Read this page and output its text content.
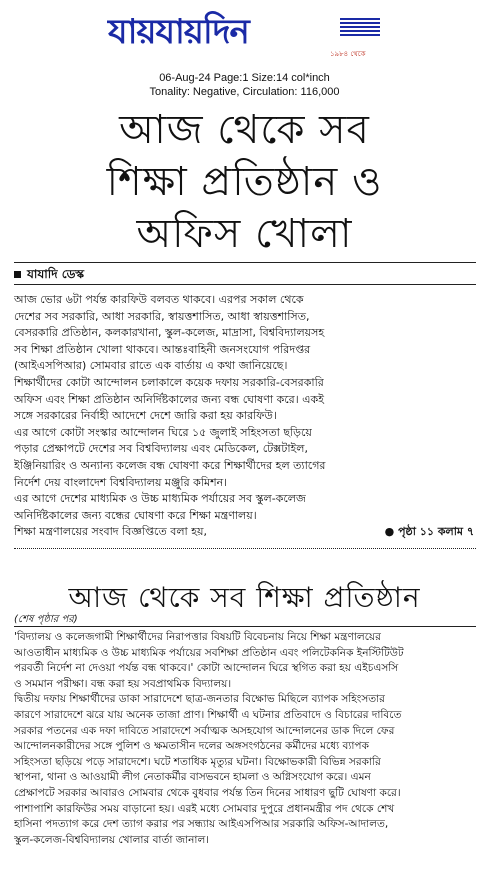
যায়যায়দিন
১৯৮৪ থেকে
06-Aug-24 Page:1 Size:14 col*inch
Tonality: Negative, Circulation: 116,000
আজ থেকে সব
শিক্ষা প্রতিষ্ঠান ও
অফিস খোলা
যাযাদি ডেস্ক
আজ ভোর ৬টা পর্যন্ত কারফিউ বলবত থাকবে। এরপর সকাল থেকে
দেশের সব সরকারি, আধা সরকারি, স্বায়ত্তশাসিত, আধা স্বায়ত্তশাসিত,
বেসরকারি প্রতিষ্ঠান, কলকারখানা, স্কুল-কলেজ, মাদ্রাসা, বিশ্ববিদ্যালয়সহ
সব শিক্ষা প্রতিষ্ঠান খোলা থাকবে। আন্তঃবাহিনী জনসংযোগ পরিদপ্তর
(আইএসপিআর) সোমবার রাতে এক বার্তায় এ কথা জানিয়েছে।
শিক্ষার্থীদের কোটা আন্দোলন চলাকালে কয়েক দফায় সরকারি-বেসরকারি
অফিস এবং শিক্ষা প্রতিষ্ঠান অনির্দিষ্টকালের জন্য বন্ধ ঘোষণা করে। একই
সঙ্গে সরকারের নির্বাহী আদেশে দেশে জারি করা হয় কারফিউ।
এর আগে কোটা সংস্কার আন্দোলন ঘিরে ১৫ জুলাই সহিংসতা ছড়িয়ে
পড়ার প্রেক্ষাপটে দেশের সব বিশ্ববিদ্যালয় এবং মেডিকেল, টেক্সটাইল,
ইঞ্জিনিয়ারিং ও অন্যান্য কলেজ বন্ধ ঘোষণা করে শিক্ষার্থীদের হল ত্যাগের
নির্দেশ দেয় বাংলাদেশ বিশ্ববিদ্যালয় মঞ্জুরি কমিশন।
এর আগে দেশের মাধ্যমিক ও উচ্চ মাধ্যমিক পর্যায়ের সব স্কুল-কলেজ
অনির্দিষ্টকালের জন্য বন্ধের ঘোষণা করে শিক্ষা মন্ত্রণালয়।
শিক্ষা মন্ত্রণালয়ের সংবাদ বিজ্ঞপ্তিতে বলা হয়,	● পৃষ্ঠা ১১ কলাম ৭
আজ থেকে সব শিক্ষা প্রতিষ্ঠান
(শেষ পৃষ্ঠার পর)
'বিদ্যালয় ও কলেজগামী শিক্ষার্থীদের নিরাপত্তার বিষয়টি বিবেচনায় নিয়ে শিক্ষা মন্ত্রণালয়ের
আওতাধীন মাধ্যমিক ও উচ্চ মাধ্যমিক পর্যায়ের সবশিক্ষা প্রতিষ্ঠান এবং পলিটেকনিক ইনস্টিটিউট
পরবর্তী নির্দেশ না দেওয়া পর্যন্ত বন্ধ থাকবে।' কোটা আন্দোলন ঘিরে স্থগিত করা হয় এইচএসসি
ও সমমান পরীক্ষা। বন্ধ করা হয় সবপ্রাথমিক বিদ্যালয়।
দ্বিতীয় দফায় শিক্ষার্থীদের ডাকা সারাদেশে ছাত্র-জনতার বিক্ষোভ মিছিলে ব্যাপক সহিংসতার
কারণে সারাদেশে ঝরে যায় অনেক তাজা প্রাণ। শিক্ষার্থী এ ঘটনার প্রতিবাদে ও বিচারের দাবিতে
সরকার পতনের এক দফা দাবিতে সারাদেশে সর্বাত্মক অসহযোগ আন্দোলনের ডাক দিলে ফের
আন্দোলনকারীদের সঙ্গে পুলিশ ও ক্ষমতাসীন দলের অঙ্গসংগঠনের কর্মীদের মধ্যে ব্যাপক
সহিংসতা ছড়িয়ে পড়ে সারাদেশে। ঘটে শতাধিক মৃত্যুর ঘটনা। বিক্ষোভকারী বিভিন্ন সরকারি
স্থাপনা, থানা ও আওয়ামী লীগ নেতাকর্মীর বাসভবনে হামলা ও অগ্নিসংযোগ করে। এমন
প্রেক্ষাপটে সরকার আবারও সোমবার থেকে বুধবার পর্যন্ত তিন দিনের সাধারণ ছুটি ঘোষণা করে।
পাশাপাশি কারফিউর সময় বাড়ানো হয়। এরই মধ্যে সোমবার দুপুরে প্রধানমন্ত্রীর পদ থেকে শেখ
হাসিনা পদত্যাগ করে দেশ ত্যাগ করার পর সন্ধ্যায় আইএসপিআর সরকারি অফিস-আদালত,
স্কুল-কলেজ-বিশ্ববিদ্যালয় খোলার বার্তা জানাল।
